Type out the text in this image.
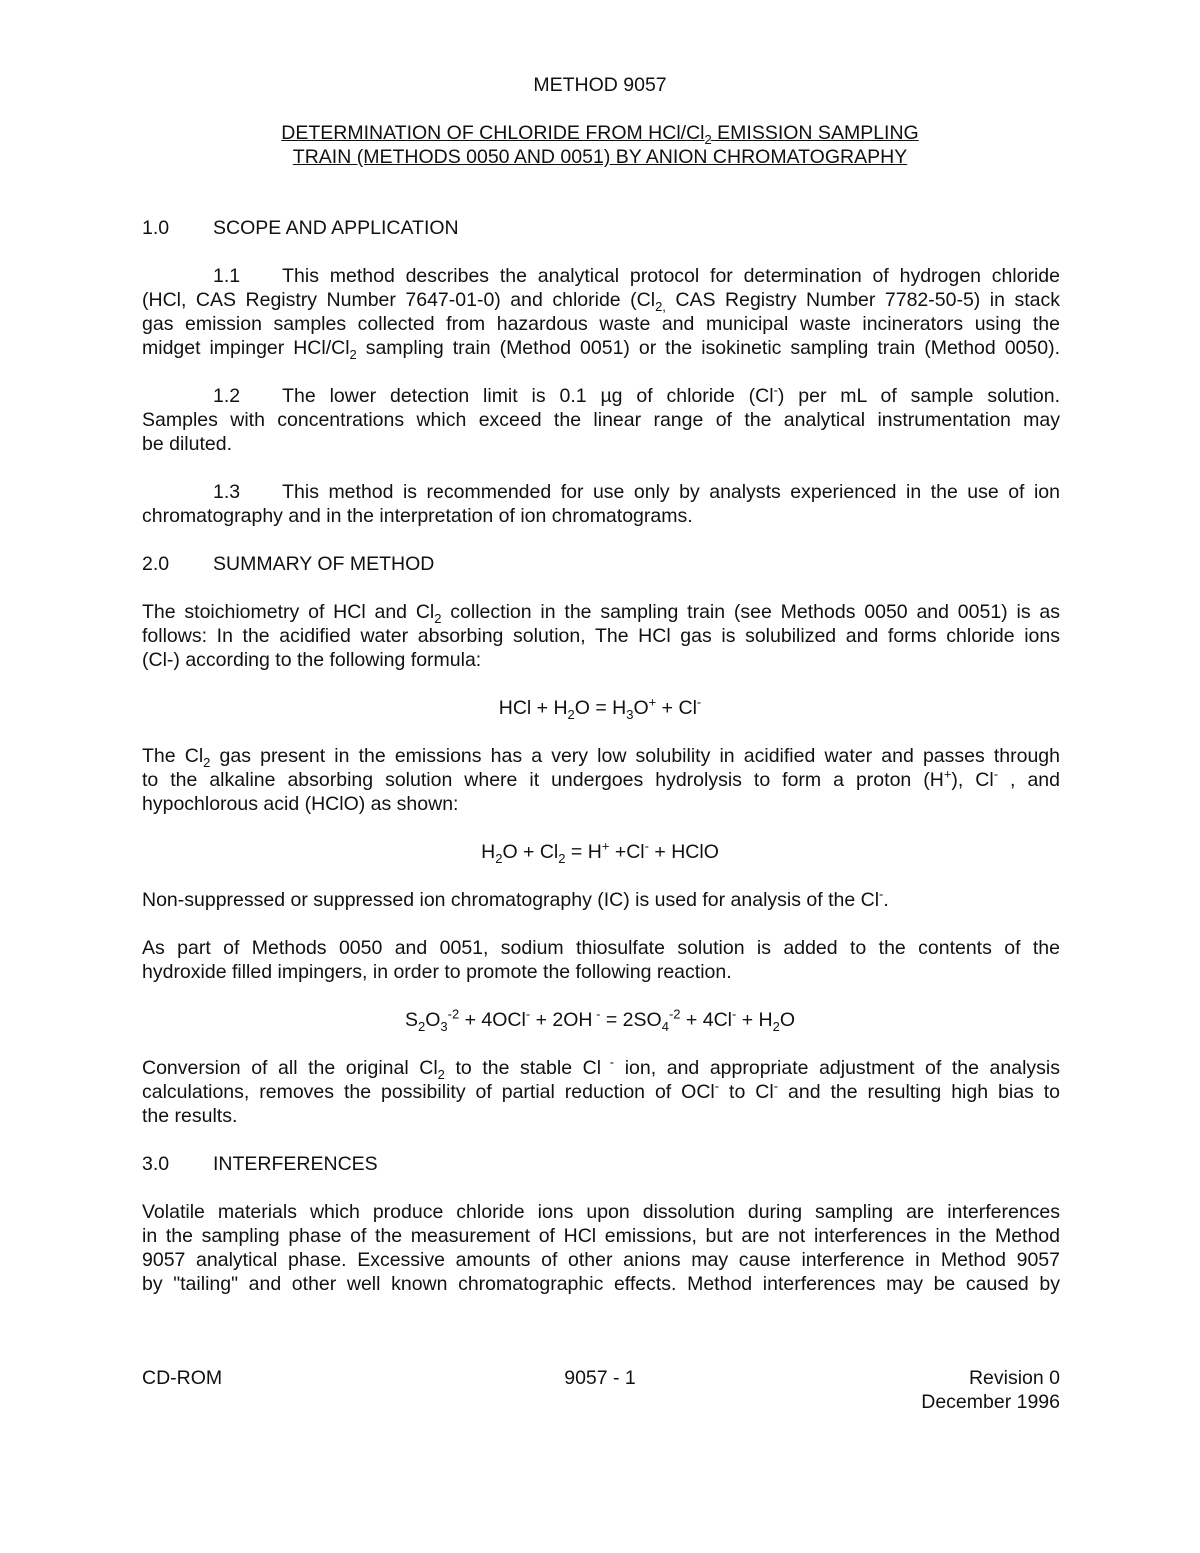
METHOD 9057
DETERMINATION OF CHLORIDE FROM HCl/$Cl_2$ EMISSION SAMPLING
TRAIN (METHODS 0050 AND 0051) BY ANION CHROMATOGRAPHY
1.0 SCOPE AND APPLICATION
1.1 This method describes the analytical protocol for determination of hydrogen chloride
(HCl, CAS Registry Number 7647-01-0) and chloride ($Cl_{2,}$ CAS Registry Number 7782-50-5) in stack
gas emission samples collected from hazardous waste and municipal waste incinerators using the
midget impinger HCl/$Cl_2$ sampling train (Method 0051) or the isokinetic sampling train (Method 0050).
1.2 The lower detection limit is 0.1 µg of chloride (Cl-) per mL of sample solution.
Samples with concentrations which exceed the linear range of the analytical instrumentation may
be diluted.
1.3 This method is recommended for use only by analysts experienced in the use of ion
chromatography and in the interpretation of ion chromatograms.
2.0 SUMMARY OF METHOD
The stoichiometry of HCl and $Cl_2$ collection in the sampling train (see Methods 0050 and 0051) is as
follows: In the acidified water absorbing solution, The HCl gas is solubilized and forms chloride ions
(Cl-) according to the following formula:
HCl + $H_2O = H_3O^+ + Cl^-$
The $Cl_2$ gas present in the emissions has a very low solubility in acidified water and passes through
to the alkaline absorbing solution where it undergoes hydrolysis to form a proton (H+), Cl- , and
hypochlorous acid (HClO) as shown:
$H_2O + Cl_2 = H^+ +Cl^-$ + HClO
Non-suppressed or suppressed ion chromatography (IC) is used for analysis of the Cl-.
As part of Methods 0050 and 0051, sodium thiosulfate solution is added to the contents of the
hydroxide filled impingers, in order to promote the following reaction.
$S_2O_3^{-2} + 4OCl^- + 2OH$ $^- = 2SO_4^{-2} + 4Cl^- + H_2O$
Conversion of all the original $Cl_2$ to the stable Cl - ion, and appropriate adjustment of the analysis
calculations, removes the possibility of partial reduction of OCl- to Cl- and the resulting high bias to
the results.
3.0 INTERFERENCES
Volatile materials which produce chloride ions upon dissolution during sampling are interferences
in the sampling phase of the measurement of HCl emissions, but are not interferences in the Method
9057 analytical phase. Excessive amounts of other anions may cause interference in Method 9057
by "tailing" and other well known chromatographic effects. Method interferences may be caused by
CD-ROM	9057 - 1	Revision 0
December 1996
